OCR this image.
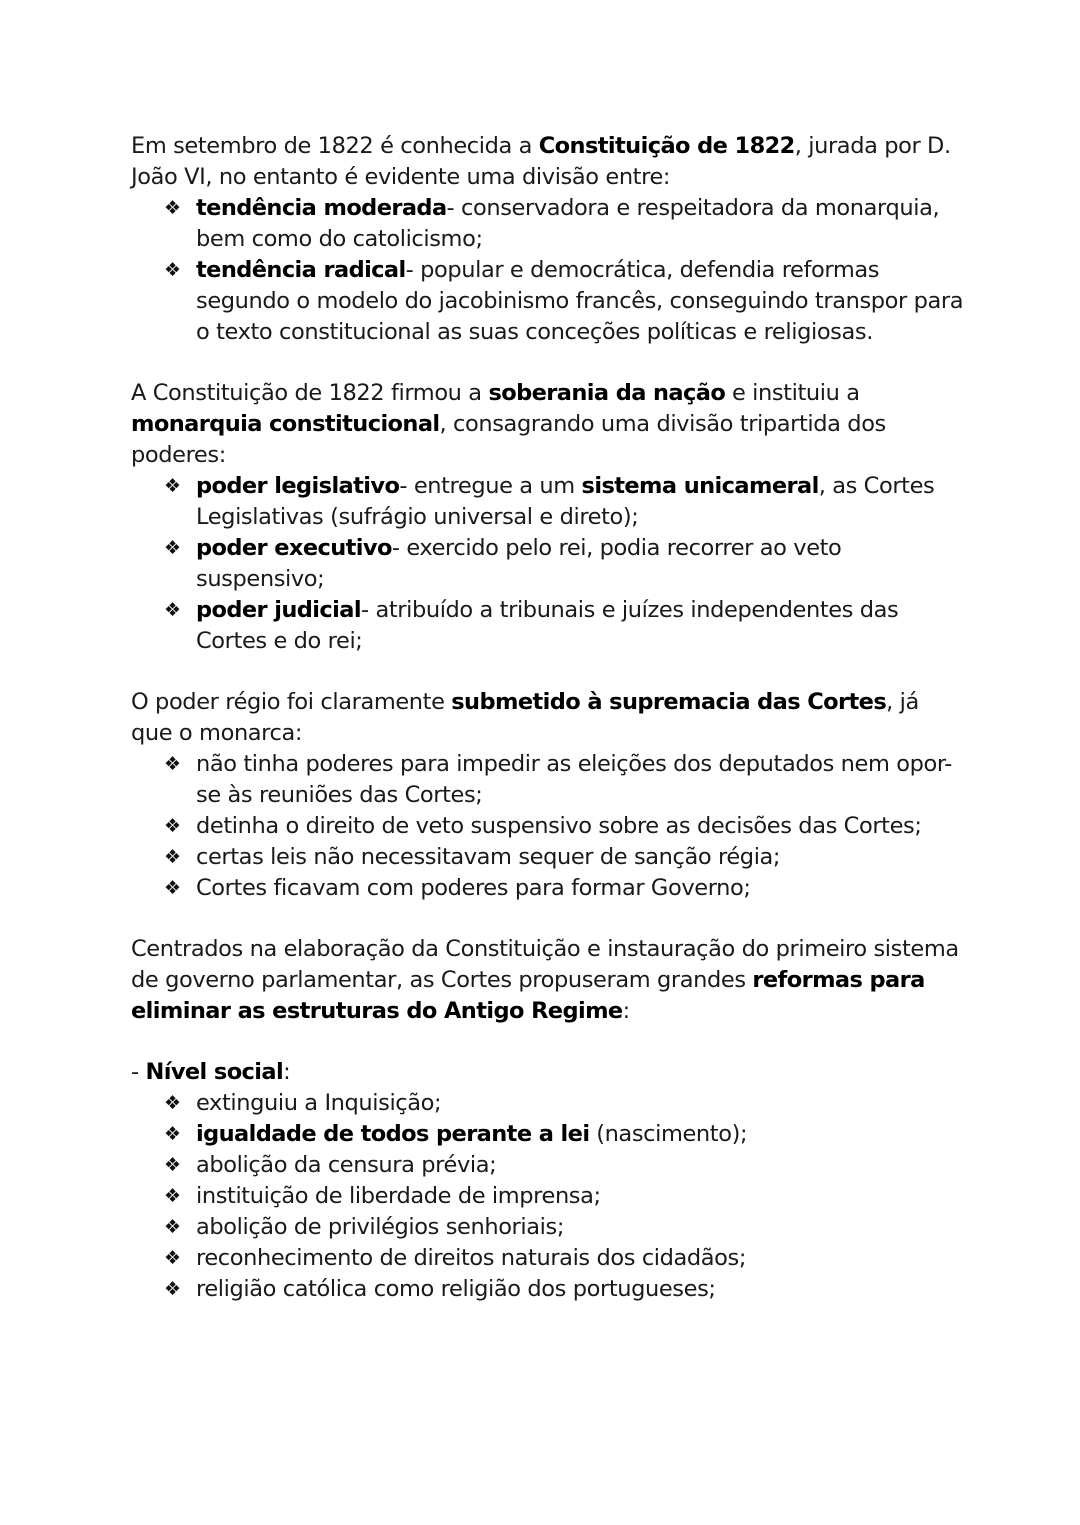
Em setembro de 1822 é conhecida a Constituição de 1822, jurada por D. João VI, no entanto é evidente uma divisão entre:

❖ tendência moderada- conservadora e respeitadora da monarquia, bem como do catolicismo;
❖ tendência radical- popular e democrática, defendia reformas segundo o modelo do jacobinismo francês, conseguindo transpor para o texto constitucional as suas conceções políticas e religiosas.

A Constituição de 1822 firmou a soberania da nação e instituiu a monarquia constitucional, consagrando uma divisão tripartida dos poderes:

❖ poder legislativo- entregue a um sistema unicameral, as Cortes Legislativas (sufrágio universal e direto);
❖ poder executivo- exercido pelo rei, podia recorrer ao veto suspensivo;
❖ poder judicial- atribuído a tribunais e juízes independentes das Cortes e do rei;

O poder régio foi claramente submetido à supremacia das Cortes, já que o monarca:

❖ não tinha poderes para impedir as eleições dos deputados nem opor-se às reuniões das Cortes;
❖ detinha o direito de veto suspensivo sobre as decisões das Cortes;
❖ certas leis não necessitavam sequer de sanção régia;
❖ Cortes ficavam com poderes para formar Governo;

Centrados na elaboração da Constituição e instauração do primeiro sistema de governo parlamentar, as Cortes propuseram grandes reformas para eliminar as estruturas do Antigo Regime:

- Nível social:

❖ extinguiu a Inquisição;
❖ igualdade de todos perante a lei (nascimento);
❖ abolição da censura prévia;
❖ instituição de liberdade de imprensa;
❖ abolição de privilégios senhoriais;
❖ reconhecimento de direitos naturais dos cidadãos;
❖ religião católica como religião dos portugueses;
